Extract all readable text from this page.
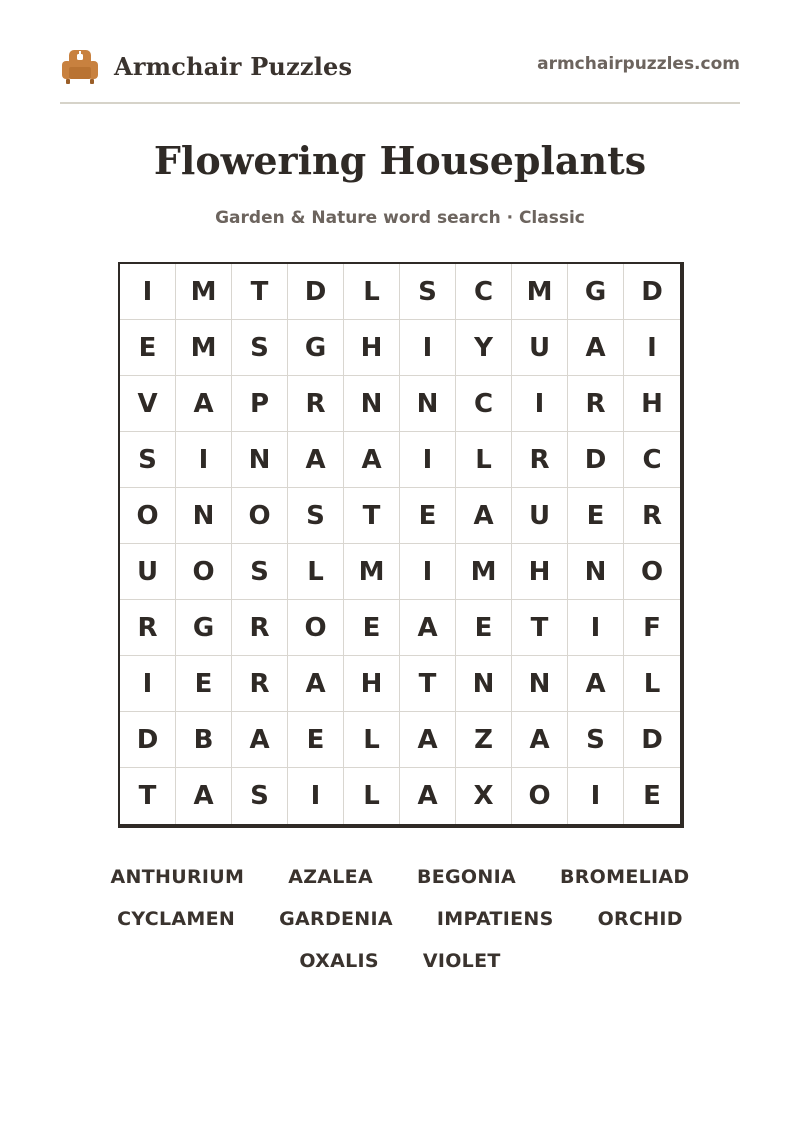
Armchair Puzzles	armchairpuzzles.com
Flowering Houseplants
Garden & Nature word search · Classic
I	M	T	D	L	S	C	M	G	D
E	M	S	G	H	I	Y	U	A	I
V	A	P	R	N	N	C	I	R	H
S	I	N	A	A	I	L	R	D	C
O	N	O	S	T	E	A	U	E	R
U	O	S	L	M	I	M	H	N	O
R	G	R	O	E	A	E	T	I	F
I	E	R	A	H	T	N	N	A	L
D	B	A	E	L	A	Z	A	S	D
T	A	S	I	L	A	X	O	I	E
ANTHURIUM AZALEA BEGONIA BROMELIAD
CYCLAMEN GARDENIA IMPATIENS ORCHID
OXALIS VIOLET
